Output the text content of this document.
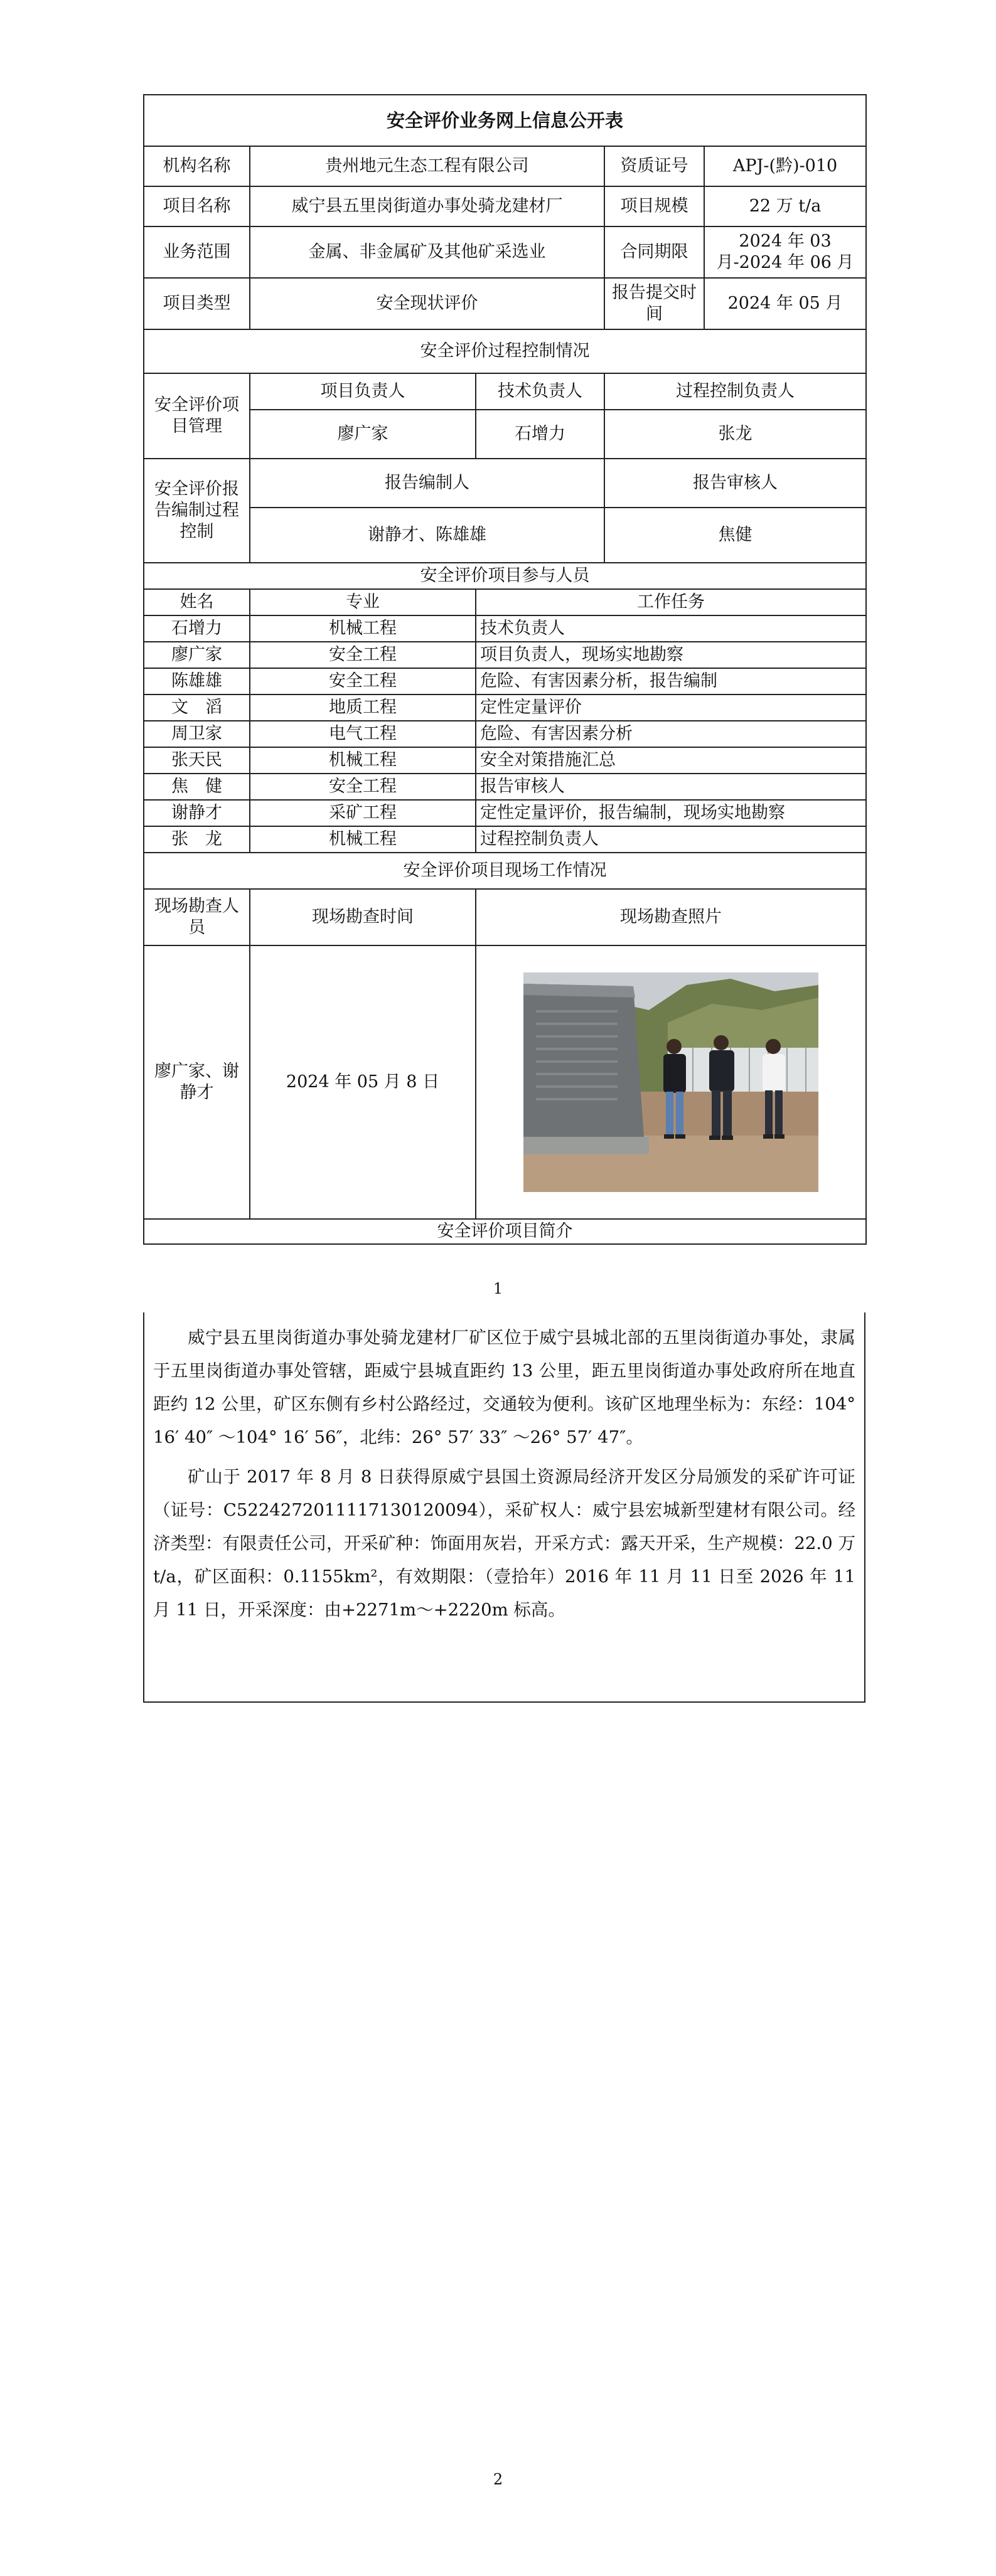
安全评价业务网上信息公开表				
机构名称	贵州地元生态工程有限公司		资质证号	APJ-(黔)-010
项目名称	威宁县五里岗街道办事处骑龙建材厂		项目规模	22 万 t/a
业务范围	金属、非金属矿及其他矿采选业		合同期限	2024 年 03 月-2024 年 06 月
项目类型	安全现状评价		报告提交时间	2024 年 05 月
安全评价过程控制情况				
安全评价项目管理	项目负责人	技术负责人	过程控制负责人	
	廖广家	石增力	张龙	
安全评价报告编制过程控制	报告编制人		报告审核人	
	谢静才、陈雄雄		焦健	
安全评价项目参与人员				
姓名	专业	工作任务		
石增力	机械工程	技术负责人		
廖广家	安全工程	项目负责人，现场实地勘察		
陈雄雄	安全工程	危险、有害因素分析，报告编制		
文　滔	地质工程	定性定量评价		
周卫家	电气工程	危险、有害因素分析		
张天民	机械工程	安全对策措施汇总		
焦　健	安全工程	报告审核人		
谢静才	采矿工程	定性定量评价，报告编制，现场实地勘察		
张　龙	机械工程	过程控制负责人		
安全评价项目现场工作情况				
现场勘查人员	现场勘查时间	现场勘查照片		
廖广家、谢静才	2024 年 05 月 8 日	

安全评价项目简介				
1

威宁县五里岗街道办事处骑龙建材厂矿区位于威宁县城北部的五里岗街道办事处，隶属于五里岗街道办事处管辖，距威宁县城直距约 13 公里，距五里岗街道办事处政府所在地直距约 12 公里，矿区东侧有乡村公路经过，交通较为便利。该矿区地理坐标为：东经：104° 16′ 40″ ～104° 16′ 56″，北纬：26° 57′ 33″ ～26° 57′ 47″。

矿山于 2017 年 8 月 8 日获得原威宁县国土资源局经济开发区分局颁发的采矿许可证（证号：C5224272011117130120094），采矿权人：威宁县宏城新型建材有限公司。经济类型：有限责任公司，开采矿种：饰面用灰岩，开采方式：露天开采，生产规模：22.0 万 t/a，矿区面积：0.1155km²，有效期限：（壹拾年）2016 年 11 月 11 日至 2026 年 11 月 11 日，开采深度：由+2271m～+2220m 标高。

2
